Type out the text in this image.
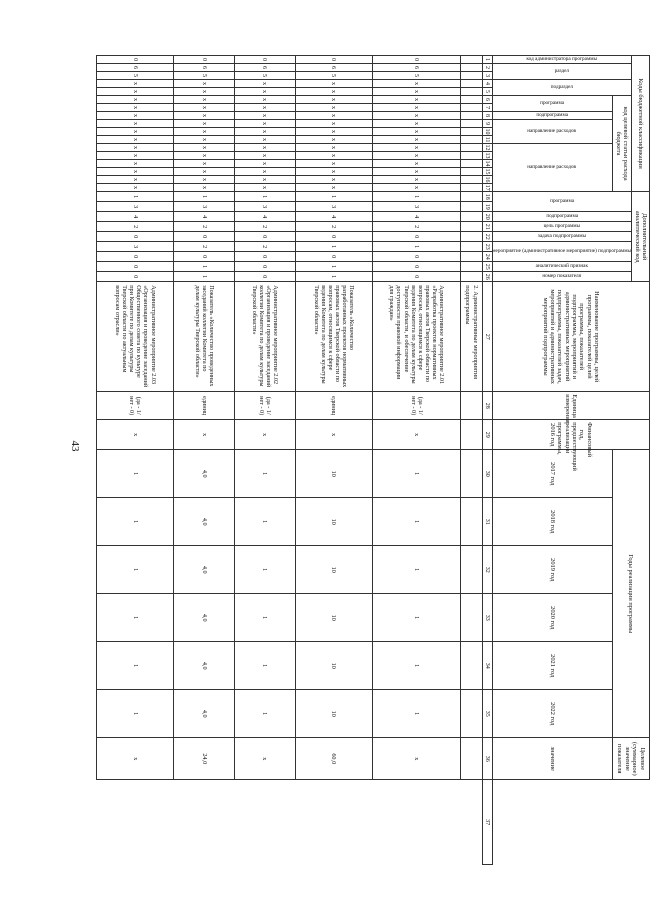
43
Коды бюджетной классификации																	Дополнительный аналитический код									Наименование программы, целей программы, показателей целей программы, показателей подпрограммы, мероприятий и административных мероприятий подпрограммы, показателей задач, мероприятий и административных мероприятий подпрограммы	Единица измерения	Финансовый год, предшествующий реализации программы, 2016 год	Годы реализации программы						Целевое (суммарное) значение показателя	

код администратора программы	раздел		подраздел		код целевой статьи расхода бюджета												программа		подпрограмма	цель программы	задача подпрограммы	мероприятие (административное мероприятие) подпрограммы		аналитический признак	номер показателя											

					программа		подпрограмма	направление расходов			направление расходов																		2017 год	2018 год	2019 год	2020 год	2021 год	2022 год	значение	
1	2	3	4	5	6	7	8	9	10	11	12	13	14	15	16	17	18	19	20	21	22	23	24	25	26	27	28	29	30	31	32	33	34	35	36	37
																										2. Административные мероприятия подпрограммы										
0	6	5	х	х	х	х	х	х	х	х	х	х	х	х	х	х	1	3	4	2	0	1	0	0	0	Административное мероприятие 2.01 «Разработка проектов нормативных правовых актов Тверской области по вопросам, относящимся к сфере ведения Комитета по делам культуры Тверской области, и обеспечение доступности правовой информации для граждан»	(да - 1/ нет - 0)	х	1	1	1	1	1	1	х	
0	6	5	х	х	х	х	х	х	х	х	х	х	х	х	х	х	1	3	4	2	0	1	0	1	1	Показатель «Количество разработанных проектов нормативных правовых актов Тверской области по вопросам, относящимся к сфере ведения Комитета по делам культуры Тверской области»	единиц	х	10	10	10	10	10	10	60,0	
0	6	5	х	х	х	х	х	х	х	х	х	х	х	х	х	х	1	3	4	2	0	2	0	0	0	Административное мероприятие 2.02 «Организация и проведение заседаний коллегии Комитета по делам культуры Тверской области»	(да - 1/ нет - 0)	х	1	1	1	1	1	1	х	
0	6	5	х	х	х	х	х	х	х	х	х	х	х	х	х	х	1	3	4	2	0	2	0	1	1	Показатель «Количество проведенных заседаний коллегии Комитета по делам культуры Тверской области»	единиц	х	4,0	4,0	4,0	4,0	4,0	4,0	24,0	
0	6	5	х	х	х	х	х	х	х	х	х	х	х	х	х	х	1	3	4	2	0	3	0	0	0	Административное мероприятие 2.03 «Организация и проведение заседаний Общественного совета по культуре при Комитете по делам культуры Тверской области по актуальным вопросам отрасли»	(да - 1/ нет - 0)	х	1	1	1	1	1	1	х	
